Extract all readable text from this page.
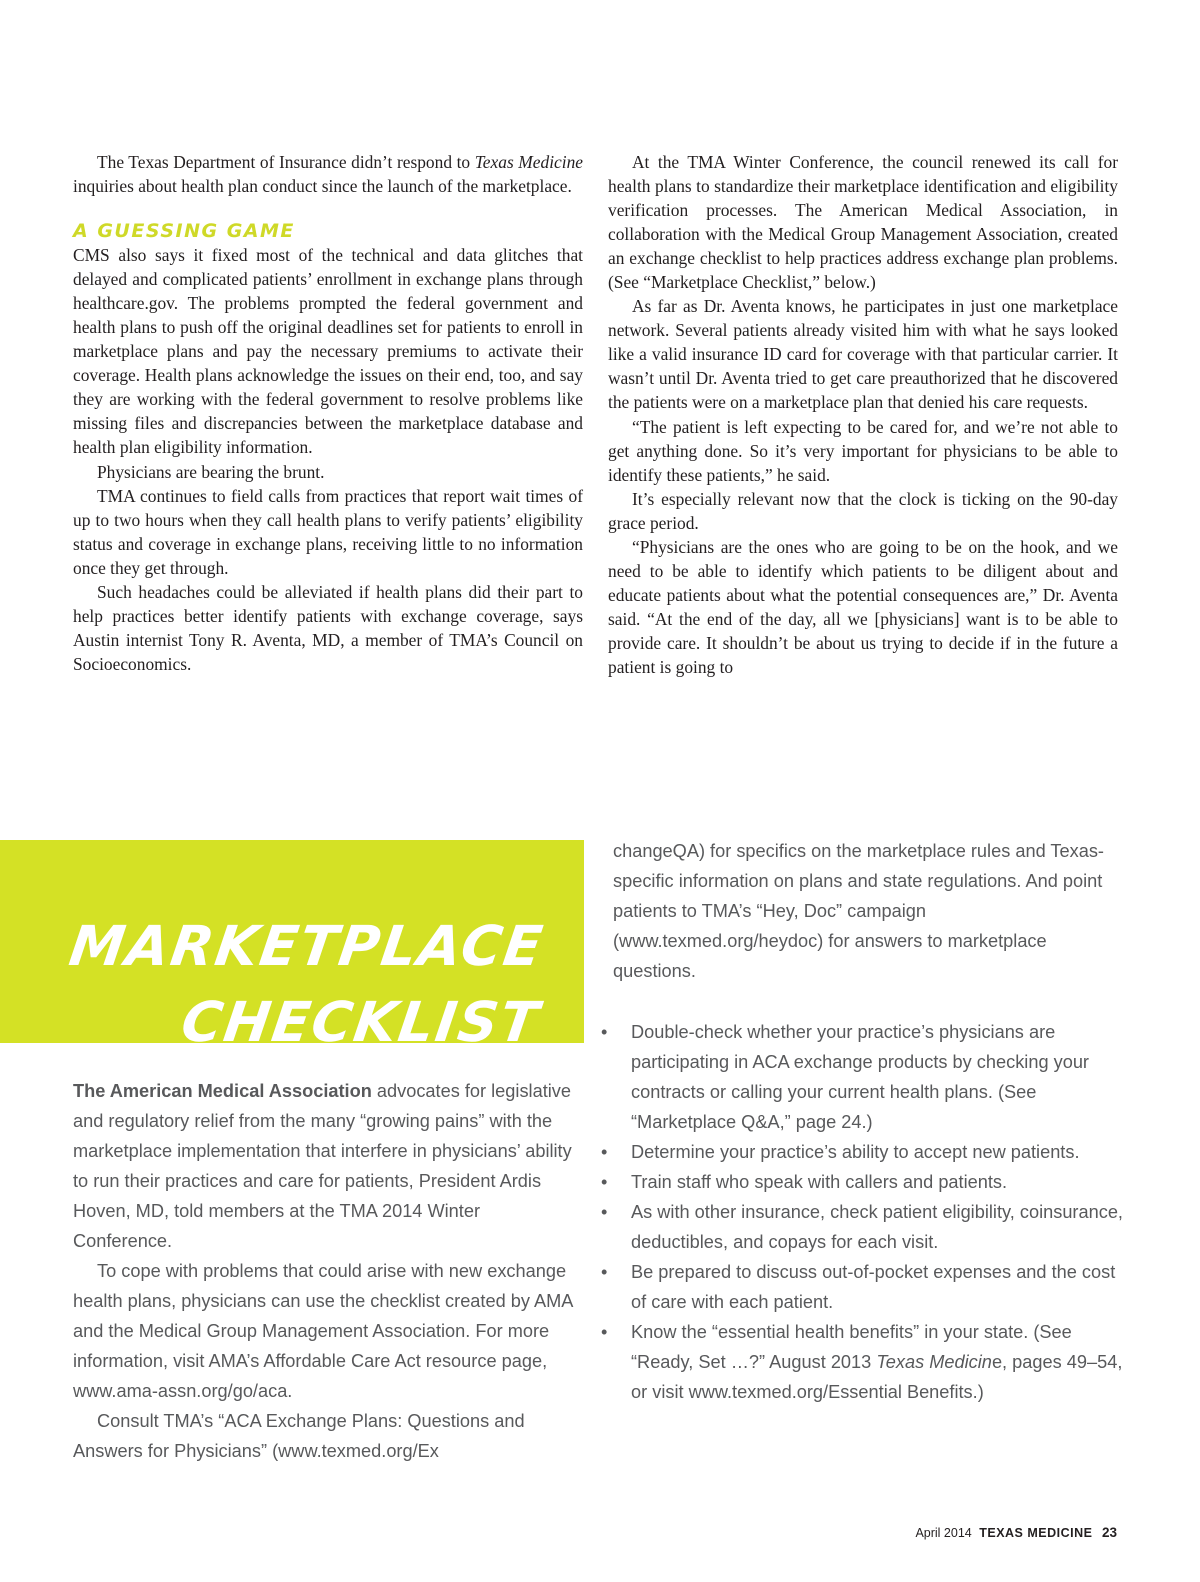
The Texas Department of Insurance didn’t respond to Texas Medicine inquiries about health plan conduct since the launch of the marketplace.

A GUESSING GAME

CMS also says it fixed most of the technical and data glitches that delayed and complicated patients’ enrollment in exchange plans through healthcare.gov. The problems prompted the federal government and health plans to push off the original deadlines set for patients to enroll in marketplace plans and pay the necessary premiums to activate their coverage. Health plans acknowledge the issues on their end, too, and say they are working with the federal government to resolve problems like missing files and discrepancies between the marketplace database and health plan eligibility information.

Physicians are bearing the brunt.

TMA continues to field calls from practices that report wait times of up to two hours when they call health plans to verify patients’ eligibility status and coverage in exchange plans, receiving little to no information once they get through.

Such headaches could be alleviated if health plans did their part to help practices better identify patients with exchange coverage, says Austin internist Tony R. Aventa, MD, a member of TMA’s Council on Socioeconomics.

At the TMA Winter Conference, the council renewed its call for health plans to standardize their marketplace identification and eligibility verification processes. The American Medical Association, in collaboration with the Medical Group Management Association, created an exchange checklist to help practices address exchange plan problems. (See “Marketplace Checklist,” below.)

As far as Dr. Aventa knows, he participates in just one marketplace network. Several patients already visited him with what he says looked like a valid insurance ID card for coverage with that particular carrier. It wasn’t until Dr. Aventa tried to get care preauthorized that he discovered the patients were on a marketplace plan that denied his care requests.

“The patient is left expecting to be cared for, and we’re not able to get anything done. So it’s very important for physicians to be able to identify these patients,” he said.

It’s especially relevant now that the clock is ticking on the 90-day grace period.

“Physicians are the ones who are going to be on the hook, and we need to be able to identify which patients to be diligent about and educate patients about what the potential consequences are,” Dr. Aventa said. “At the end of the day, all we [physicians] want is to be able to provide care. It shouldn’t be about us trying to decide if in the future a patient is going to

MARKETPLACE
CHECKLIST

The American Medical Association advocates for legislative and regulatory relief from the many “growing pains” with the marketplace implementation that interfere in physicians’ ability to run their practices and care for patients, President Ardis Hoven, MD, told members at the TMA 2014 Winter Conference.

To cope with problems that could arise with new exchange health plans, physicians can use the checklist created by AMA and the Medical Group Management Association. For more information, visit AMA’s Affordable Care Act resource page, www.ama-assn.org/go/aca.

Consult TMA’s “ACA Exchange Plans: Questions and Answers for Physicians” (www.texmed.org/Ex

changeQA) for specifics on the marketplace rules and Texas-specific information on plans and state regulations. And point patients to TMA’s “Hey, Doc” campaign (www.texmed.org/heydoc) for answers to marketplace questions.

• Double-check whether your practice’s physicians are participating in ACA exchange products by checking your contracts or calling your current health plans. (See “Marketplace Q&A,” page 24.)
• Determine your practice’s ability to accept new patients.
• Train staff who speak with callers and patients.
• As with other insurance, check patient eligibility, coinsurance, deductibles, and copays for each visit.
• Be prepared to discuss out-of-pocket expenses and the cost of care with each patient.
• Know the “essential health benefits” in your state. (See “Ready, Set …?” August 2013 Texas Medicine, pages 49–54, or visit www.texmed.org/Essential Benefits.)
April 2014 TEXAS MEDICINE 23
